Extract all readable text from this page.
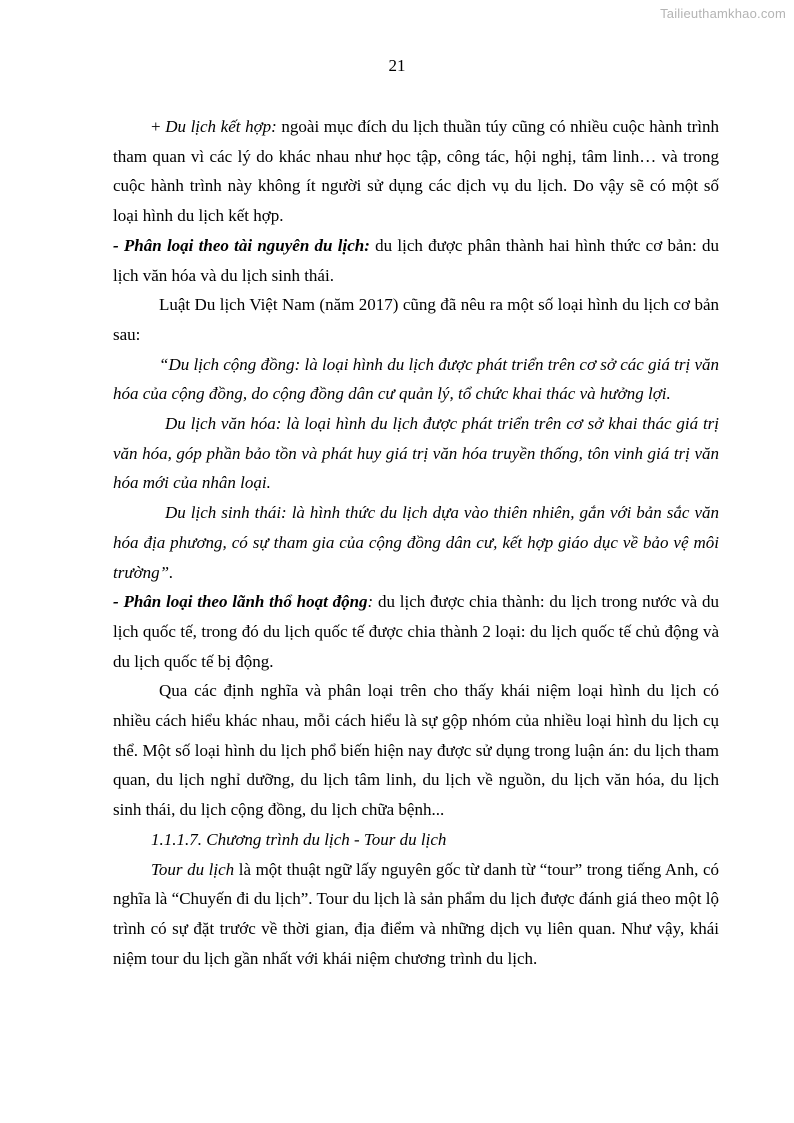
Tailieuthamkhao.com
21

+ Du lịch kết hợp: ngoài mục đích du lịch thuần túy cũng có nhiều cuộc hành trình tham quan vì các lý do khác nhau như học tập, công tác, hội nghị, tâm linh… và trong cuộc hành trình này không ít người sử dụng các dịch vụ du lịch. Do vậy sẽ có một số loại hình du lịch kết hợp.

- Phân loại theo tài nguyên du lịch: du lịch được phân thành hai hình thức cơ bản: du lịch văn hóa và du lịch sinh thái.

Luật Du lịch Việt Nam (năm 2017) cũng đã nêu ra một số loại hình du lịch cơ bản sau:

“Du lịch cộng đồng: là loại hình du lịch được phát triển trên cơ sở các giá trị văn hóa của cộng đồng, do cộng đồng dân cư quản lý, tổ chức khai thác và hưởng lợi.

Du lịch văn hóa: là loại hình du lịch được phát triển trên cơ sở khai thác giá trị văn hóa, góp phần bảo tồn và phát huy giá trị văn hóa truyền thống, tôn vinh giá trị văn hóa mới của nhân loại.

Du lịch sinh thái: là hình thức du lịch dựa vào thiên nhiên, gắn với bản sắc văn hóa địa phương, có sự tham gia của cộng đồng dân cư, kết hợp giáo dục về bảo vệ môi trường”.

- Phân loại theo lãnh thổ hoạt động: du lịch được chia thành: du lịch trong nước và du lịch quốc tế, trong đó du lịch quốc tế được chia thành 2 loại: du lịch quốc tế chủ động và du lịch quốc tế bị động.

Qua các định nghĩa và phân loại trên cho thấy khái niệm loại hình du lịch có nhiều cách hiểu khác nhau, mỗi cách hiểu là sự gộp nhóm của nhiều loại hình du lịch cụ thể. Một số loại hình du lịch phổ biến hiện nay được sử dụng trong luận án: du lịch tham quan, du lịch nghỉ dưỡng, du lịch tâm linh, du lịch về nguồn, du lịch văn hóa, du lịch sinh thái, du lịch cộng đồng, du lịch chữa bệnh...

1.1.1.7. Chương trình du lịch - Tour du lịch

Tour du lịch là một thuật ngữ lấy nguyên gốc từ danh từ “tour” trong tiếng Anh, có nghĩa là “Chuyến đi du lịch”. Tour du lịch là sản phẩm du lịch được đánh giá theo một lộ trình có sự đặt trước về thời gian, địa điểm và những dịch vụ liên quan. Như vậy, khái niệm tour du lịch gần nhất với khái niệm chương trình du lịch.
